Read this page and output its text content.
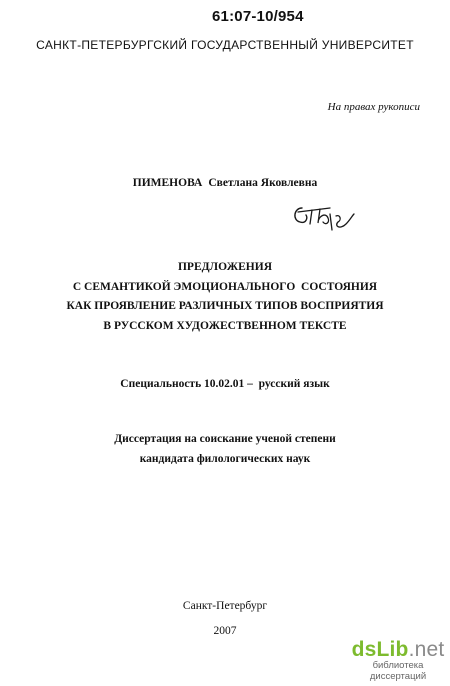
61:07-10/954
САНКТ-ПЕТЕРБУРГСКИЙ ГОСУДАРСТВЕННЫЙ УНИВЕРСИТЕТ
На правах рукописи
ПИМЕНОВА Светлана Яковлевна
ПРЕДЛОЖЕНИЯ
С СЕМАНТИКОЙ ЭМОЦИОНАЛЬНОГО  СОСТОЯНИЯ
КАК ПРОЯВЛЕНИЕ РАЗЛИЧНЫХ ТИПОВ ВОСПРИЯТИЯ
В РУССКОМ ХУДОЖЕСТВЕННОМ ТЕКСТЕ
Специальность 10.02.01 –  русский язык
Диссертация на соискание ученой степени
кандидата филологических наук
Санкт-Петербург
2007
dsLib.net
библиотека диссертаций
